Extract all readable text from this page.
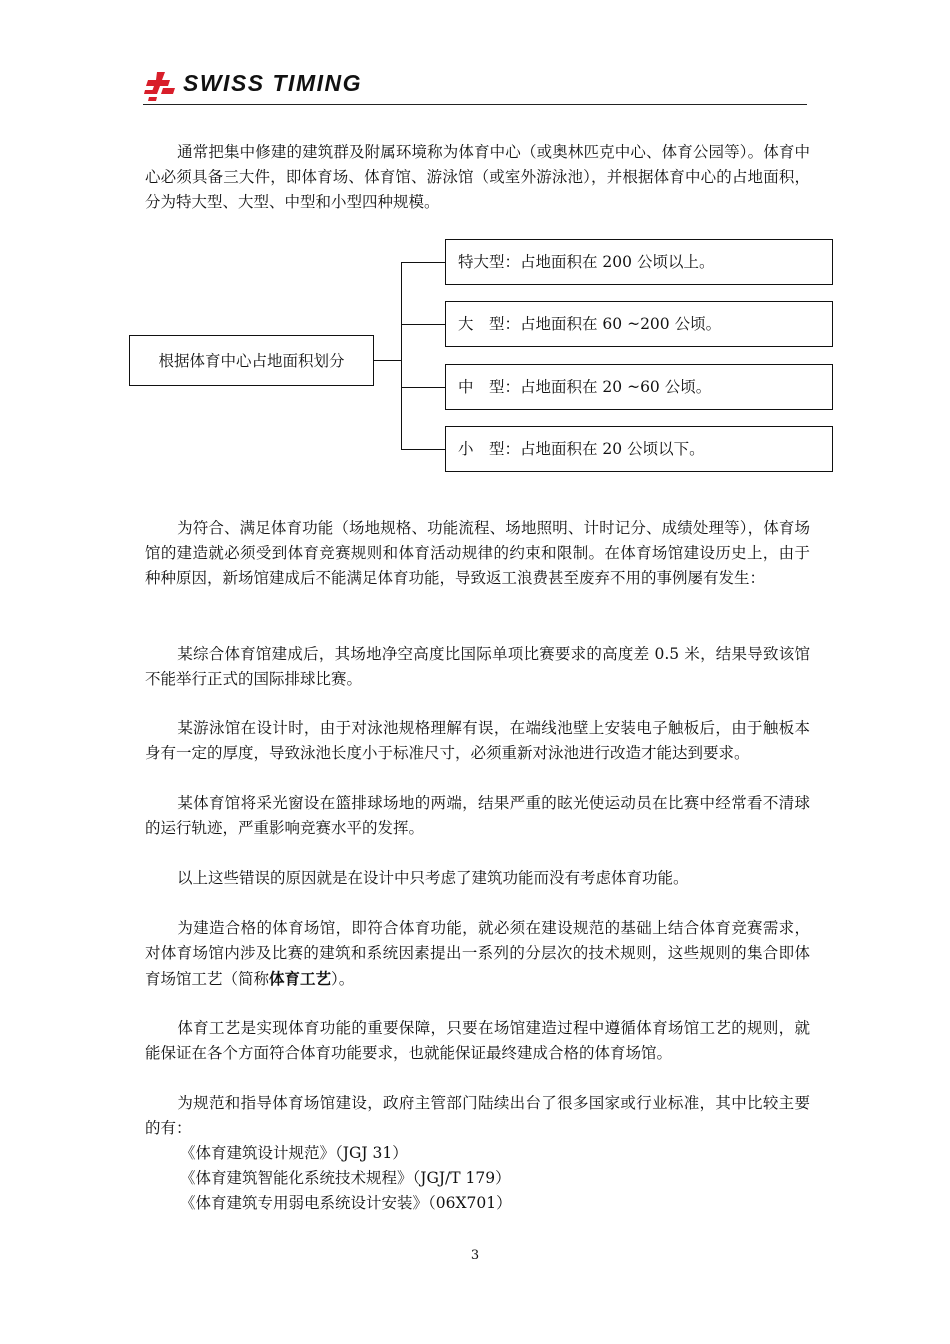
SWISS TIMING
通常把集中修建的建筑群及附属环境称为体育中心（或奥林匹克中心、体育公园等）。体育中心必须具备三大件，即体育场、体育馆、游泳馆（或室外游泳池），并根据体育中心的占地面积，分为特大型、大型、中型和小型四种规模。
根据体育中心占地面积划分
特大型：占地面积在 200 公顷以上。
大　型：占地面积在 60 ~200 公顷。
中　型：占地面积在 20 ~60 公顷。
小　型：占地面积在 20 公顷以下。
为符合、满足体育功能（场地规格、功能流程、场地照明、计时记分、成绩处理等），体育场馆的建造就必须受到体育竞赛规则和体育活动规律的约束和限制。在体育场馆建设历史上，由于种种原因，新场馆建成后不能满足体育功能，导致返工浪费甚至废弃不用的事例屡有发生：
某综合体育馆建成后，其场地净空高度比国际单项比赛要求的高度差 0.5 米，结果导致该馆不能举行正式的国际排球比赛。
某游泳馆在设计时，由于对泳池规格理解有误，在端线池壁上安装电子触板后，由于触板本身有一定的厚度，导致泳池长度小于标准尺寸，必须重新对泳池进行改造才能达到要求。
某体育馆将采光窗设在篮排球场地的两端，结果严重的眩光使运动员在比赛中经常看不清球的运行轨迹，严重影响竞赛水平的发挥。
以上这些错误的原因就是在设计中只考虑了建筑功能而没有考虑体育功能。
为建造合格的体育场馆，即符合体育功能，就必须在建设规范的基础上结合体育竞赛需求，对体育场馆内涉及比赛的建筑和系统因素提出一系列的分层次的技术规则，这些规则的集合即体育场馆工艺（简称体育工艺）。
体育工艺是实现体育功能的重要保障，只要在场馆建造过程中遵循体育场馆工艺的规则，就能保证在各个方面符合体育功能要求，也就能保证最终建成合格的体育场馆。
为规范和指导体育场馆建设，政府主管部门陆续出台了很多国家或行业标准，其中比较主要的有：
《体育建筑设计规范》（JGJ 31）
《体育建筑智能化系统技术规程》（JGJ/T 179）
《体育建筑专用弱电系统设计安装》（06X701）
3
